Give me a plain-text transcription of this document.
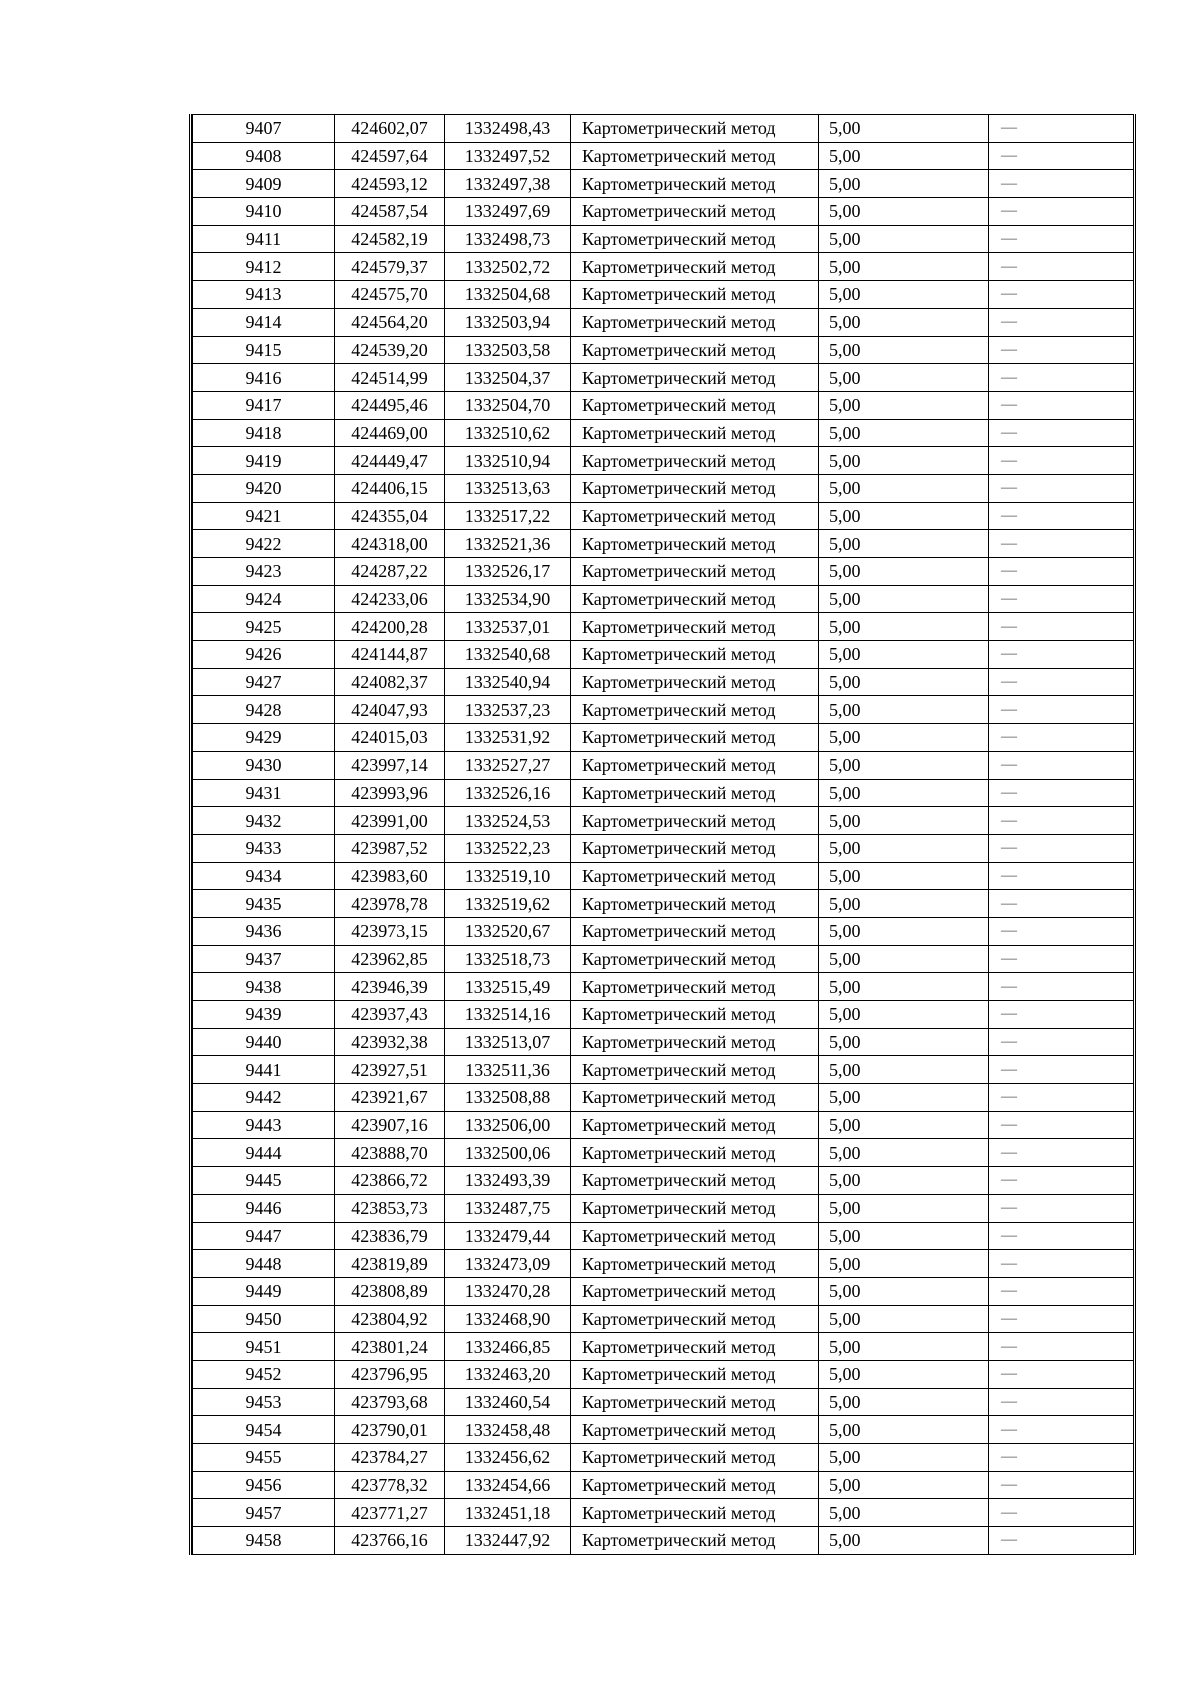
9407	424602,07	1332498,43	Картометрический метод	5,00	—
9408	424597,64	1332497,52	Картометрический метод	5,00	—
9409	424593,12	1332497,38	Картометрический метод	5,00	—
9410	424587,54	1332497,69	Картометрический метод	5,00	—
9411	424582,19	1332498,73	Картометрический метод	5,00	—
9412	424579,37	1332502,72	Картометрический метод	5,00	—
9413	424575,70	1332504,68	Картометрический метод	5,00	—
9414	424564,20	1332503,94	Картометрический метод	5,00	—
9415	424539,20	1332503,58	Картометрический метод	5,00	—
9416	424514,99	1332504,37	Картометрический метод	5,00	—
9417	424495,46	1332504,70	Картометрический метод	5,00	—
9418	424469,00	1332510,62	Картометрический метод	5,00	—
9419	424449,47	1332510,94	Картометрический метод	5,00	—
9420	424406,15	1332513,63	Картометрический метод	5,00	—
9421	424355,04	1332517,22	Картометрический метод	5,00	—
9422	424318,00	1332521,36	Картометрический метод	5,00	—
9423	424287,22	1332526,17	Картометрический метод	5,00	—
9424	424233,06	1332534,90	Картометрический метод	5,00	—
9425	424200,28	1332537,01	Картометрический метод	5,00	—
9426	424144,87	1332540,68	Картометрический метод	5,00	—
9427	424082,37	1332540,94	Картометрический метод	5,00	—
9428	424047,93	1332537,23	Картометрический метод	5,00	—
9429	424015,03	1332531,92	Картометрический метод	5,00	—
9430	423997,14	1332527,27	Картометрический метод	5,00	—
9431	423993,96	1332526,16	Картометрический метод	5,00	—
9432	423991,00	1332524,53	Картометрический метод	5,00	—
9433	423987,52	1332522,23	Картометрический метод	5,00	—
9434	423983,60	1332519,10	Картометрический метод	5,00	—
9435	423978,78	1332519,62	Картометрический метод	5,00	—
9436	423973,15	1332520,67	Картометрический метод	5,00	—
9437	423962,85	1332518,73	Картометрический метод	5,00	—
9438	423946,39	1332515,49	Картометрический метод	5,00	—
9439	423937,43	1332514,16	Картометрический метод	5,00	—
9440	423932,38	1332513,07	Картометрический метод	5,00	—
9441	423927,51	1332511,36	Картометрический метод	5,00	—
9442	423921,67	1332508,88	Картометрический метод	5,00	—
9443	423907,16	1332506,00	Картометрический метод	5,00	—
9444	423888,70	1332500,06	Картометрический метод	5,00	—
9445	423866,72	1332493,39	Картометрический метод	5,00	—
9446	423853,73	1332487,75	Картометрический метод	5,00	—
9447	423836,79	1332479,44	Картометрический метод	5,00	—
9448	423819,89	1332473,09	Картометрический метод	5,00	—
9449	423808,89	1332470,28	Картометрический метод	5,00	—
9450	423804,92	1332468,90	Картометрический метод	5,00	—
9451	423801,24	1332466,85	Картометрический метод	5,00	—
9452	423796,95	1332463,20	Картометрический метод	5,00	—
9453	423793,68	1332460,54	Картометрический метод	5,00	—
9454	423790,01	1332458,48	Картометрический метод	5,00	—
9455	423784,27	1332456,62	Картометрический метод	5,00	—
9456	423778,32	1332454,66	Картометрический метод	5,00	—
9457	423771,27	1332451,18	Картометрический метод	5,00	—
9458	423766,16	1332447,92	Картометрический метод	5,00	—
